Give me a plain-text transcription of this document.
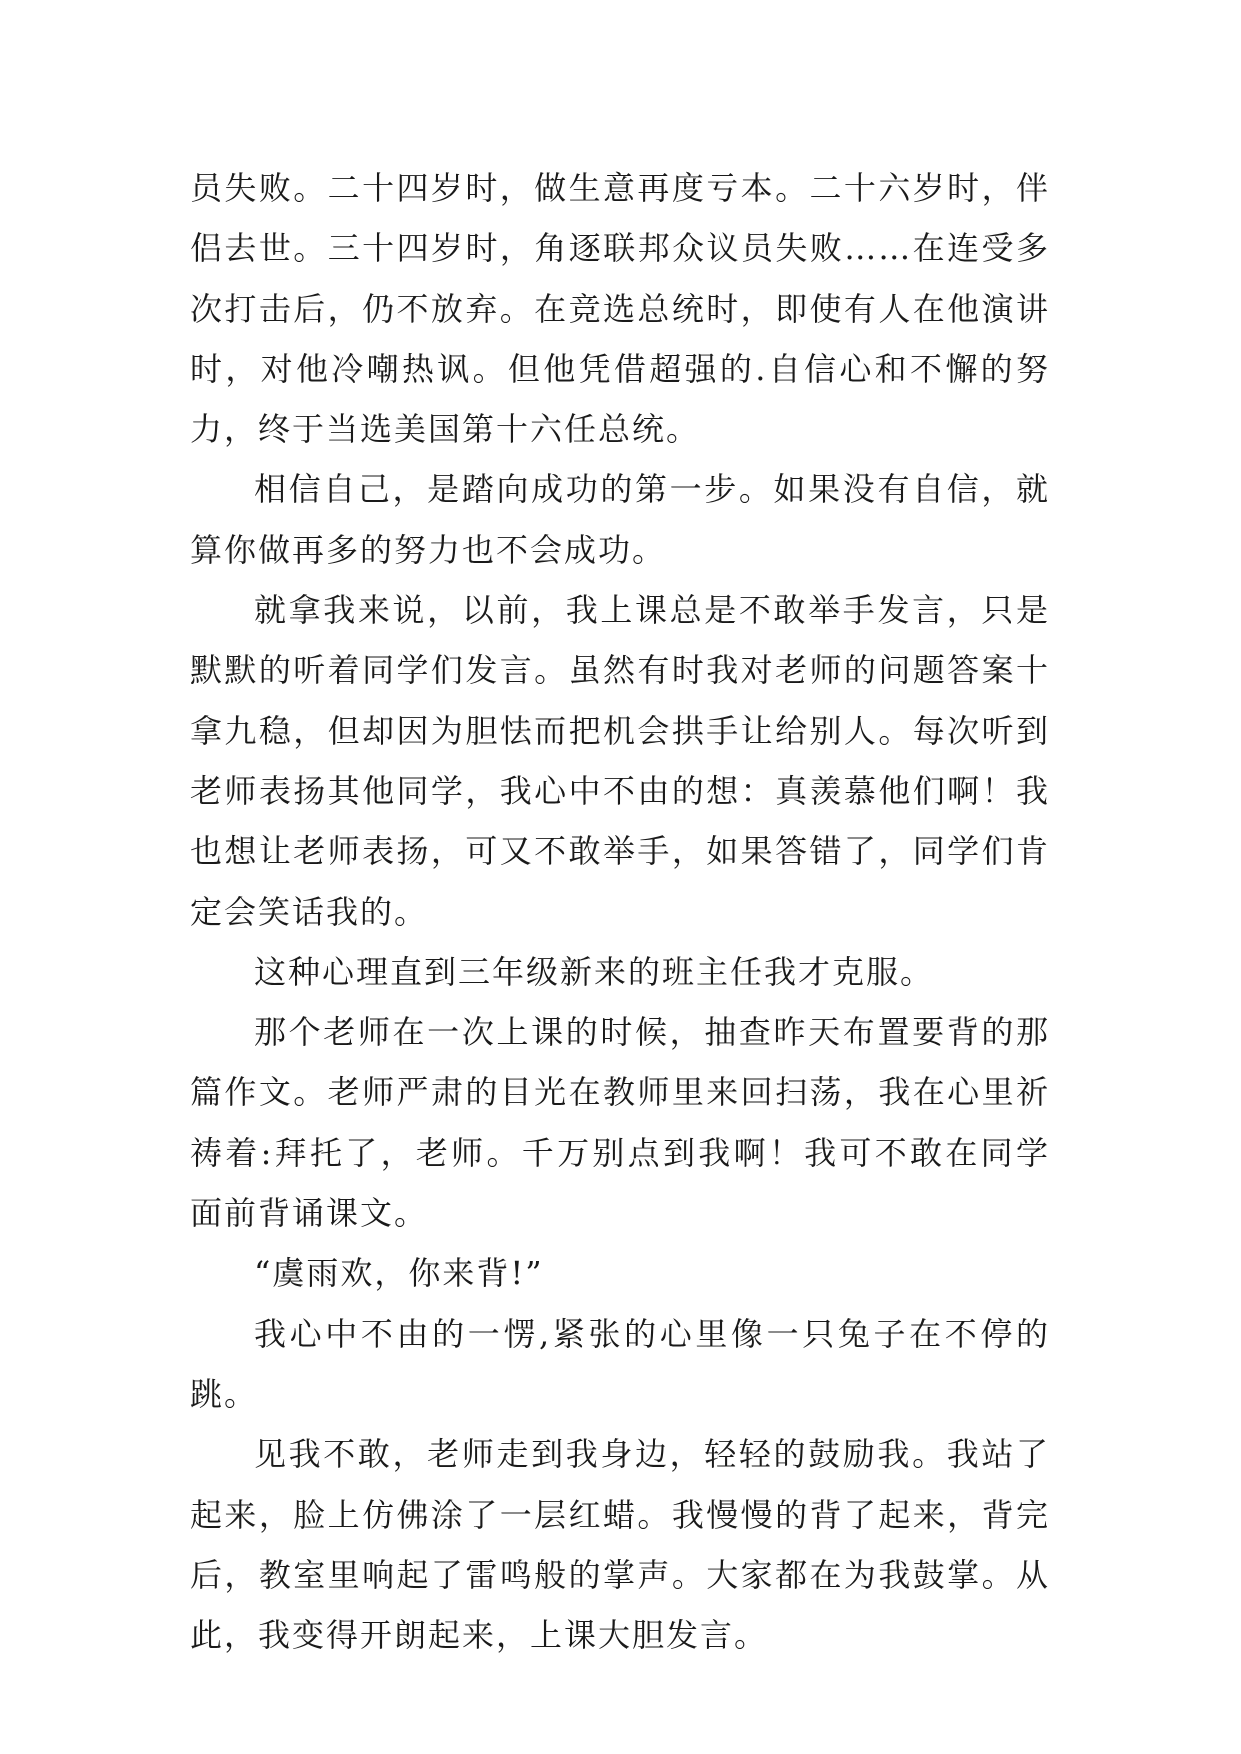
员失败。二十四岁时，做生意再度亏本。二十六岁时，伴侣去世。三十四岁时，角逐联邦众议员失败……在连受多次打击后，仍不放弃。在竞选总统时，即使有人在他演讲时，对他冷嘲热讽。但他凭借超强的.自信心和不懈的努力，终于当选美国第十六任总统。

相信自己，是踏向成功的第一步。如果没有自信，就算你做再多的努力也不会成功。

就拿我来说，以前，我上课总是不敢举手发言，只是默默的听着同学们发言。虽然有时我对老师的问题答案十拿九稳，但却因为胆怯而把机会拱手让给别人。每次听到老师表扬其他同学，我心中不由的想：真羡慕他们啊！我也想让老师表扬，可又不敢举手，如果答错了，同学们肯定会笑话我的。

这种心理直到三年级新来的班主任我才克服。

那个老师在一次上课的时候，抽查昨天布置要背的那篇作文。老师严肃的目光在教师里来回扫荡，我在心里祈祷着:拜托了，老师。千万别点到我啊！我可不敢在同学面前背诵课文。

“虞雨欢，你来背!”

我心中不由的一愣,紧张的心里像一只兔子在不停的跳。

见我不敢，老师走到我身边，轻轻的鼓励我。我站了起来，脸上仿佛涂了一层红蜡。我慢慢的背了起来，背完后，教室里响起了雷鸣般的掌声。大家都在为我鼓掌。从此，我变得开朗起来，上课大胆发言。
